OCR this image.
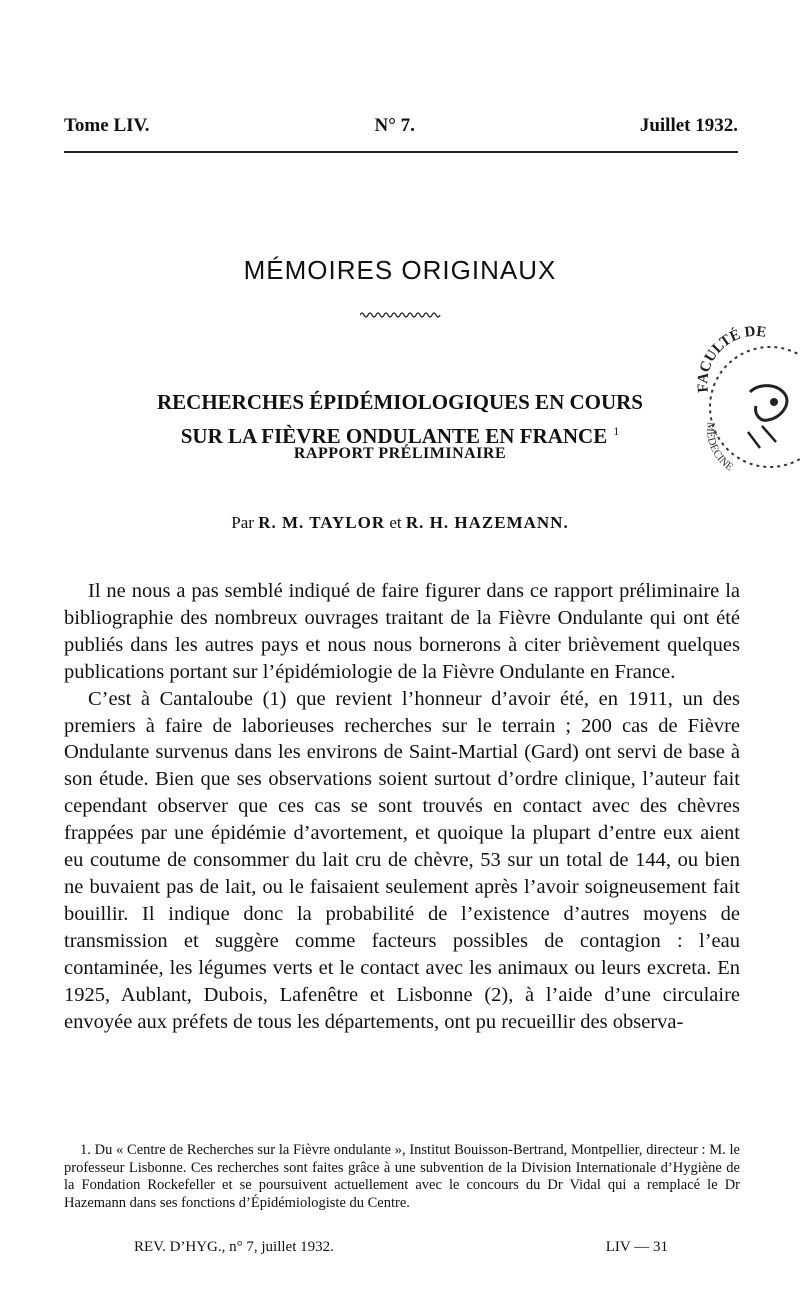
Tome LIV.	N° 7.	Juillet 1932.
MÉMOIRES ORIGINAUX
RECHERCHES ÉPIDÉMIOLOGIQUES EN COURS
SUR LA FIÈVRE ONDULANTE EN FRANCE $^1$
RAPPORT PRÉLIMINAIRE
Par R. M. TAYLOR et R. H. HAZEMANN.
FACULTÉ DE
MÉDECINE

Il ne nous a pas semblé indiqué de faire figurer dans ce rapport préliminaire la bibliographie des nombreux ouvrages traitant de la Fièvre Ondulante qui ont été publiés dans les autres pays et nous nous bornerons à citer brièvement quelques publications portant sur l’épidémiologie de la Fièvre Ondulante en France.

C’est à Cantaloube (1) que revient l’honneur d’avoir été, en 1911, un des premiers à faire de laborieuses recherches sur le terrain ; 200 cas de Fièvre Ondulante survenus dans les environs de Saint-Martial (Gard) ont servi de base à son étude. Bien que ses observations soient surtout d’ordre clinique, l’auteur fait cependant observer que ces cas se sont trouvés en contact avec des chèvres frappées par une épidémie d’avortement, et quoique la plupart d’entre eux aient eu coutume de consommer du lait cru de chèvre, 53 sur un total de 144, ou bien ne buvaient pas de lait, ou le faisaient seulement après l’avoir soigneusement fait bouillir. Il indique donc la probabilité de l’existence d’autres moyens de transmission et suggère comme facteurs possibles de contagion : l’eau contaminée, les légumes verts et le contact avec les animaux ou leurs excreta. En 1925, Aublant, Dubois, Lafenêtre et Lisbonne (2), à l’aide d’une circulaire envoyée aux préfets de tous les départements, ont pu recueillir des observa-

1. Du « Centre de Recherches sur la Fièvre ondulante », Institut Bouisson-Bertrand, Montpellier, directeur : M. le professeur Lisbonne. Ces recherches sont faites grâce à une subvention de la Division Internationale d’Hygiène de la Fondation Rockefeller et se poursuivent actuellement avec le concours du Dr Vidal qui a remplacé le Dr Hazemann dans ses fonctions d’Épidémiologiste du Centre.

REV. D’HYG., n° 7, juillet 1932.	LIV — 31
